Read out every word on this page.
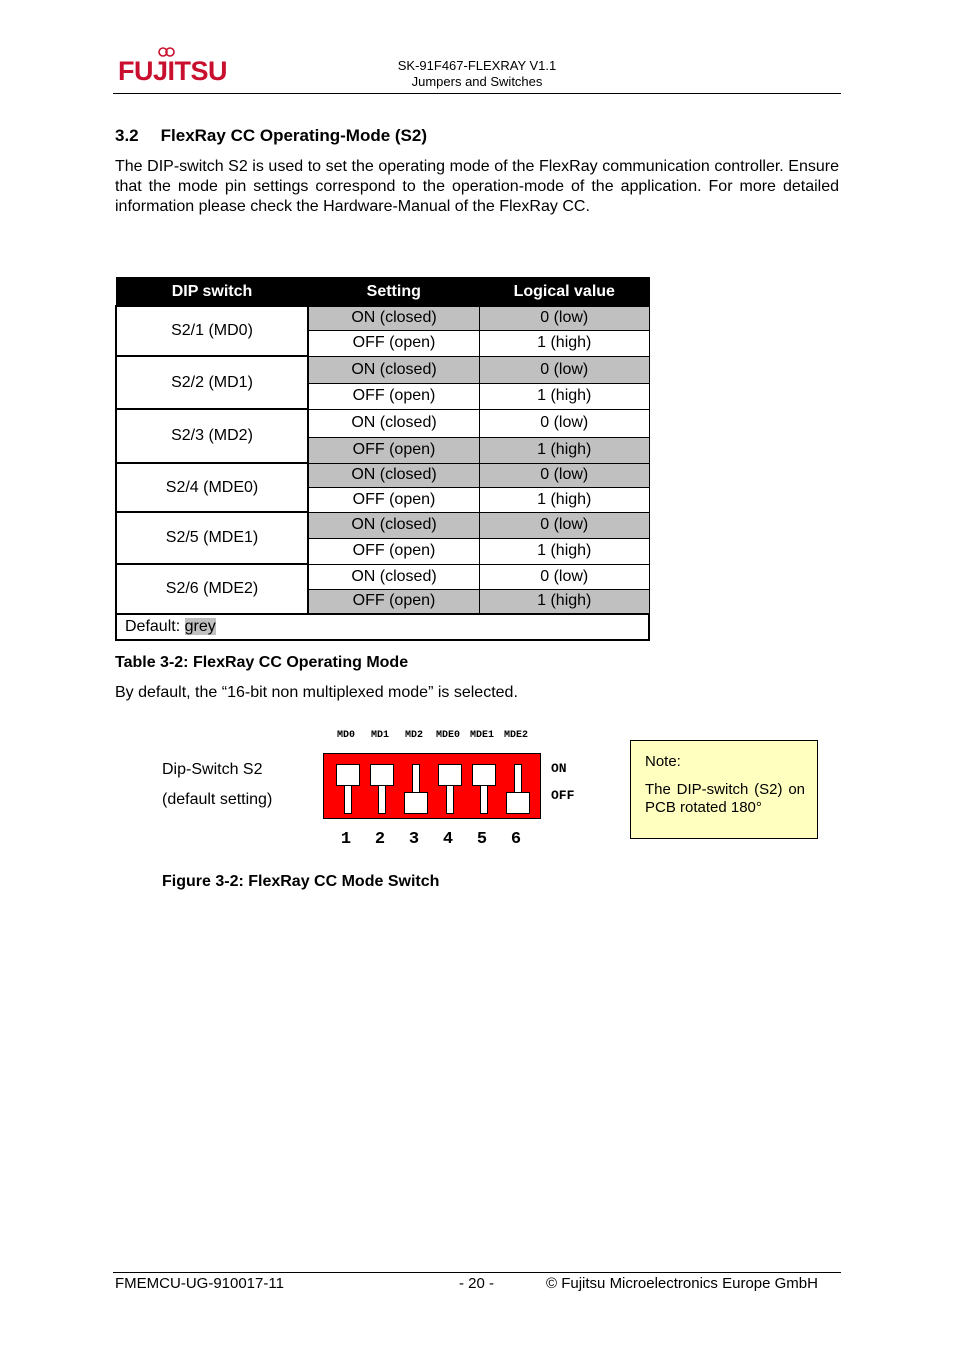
FUJITSU	SK-91F467-FLEXRAY V1.1
Jumpers and Switches
3.2 FlexRay CC Operating-Mode (S2)
The DIP-switch S2 is used to set the operating mode of the FlexRay communication controller. Ensure that the mode pin settings correspond to the operation-mode of the application. For more detailed information please check the Hardware-Manual of the FlexRay CC.
DIP switch	Setting	Logical value
S2/1 (MD0)	ON (closed)	0 (low)
	OFF (open)	1 (high)
S2/2 (MD1)	ON (closed)	0 (low)
	OFF (open)	1 (high)
S2/3 (MD2)	ON (closed)	0 (low)
	OFF (open)	1 (high)
S2/4 (MDE0)	ON (closed)	0 (low)
	OFF (open)	1 (high)
S2/5 (MDE1)	ON (closed)	0 (low)
	OFF (open)	1 (high)
S2/6 (MDE2)	ON (closed)	0 (low)
	OFF (open)	1 (high)
Default: grey		
Table 3-2: FlexRay CC Operating Mode
By default, the “16-bit non multiplexed mode” is selected.
Dip-Switch S2
(default setting)
MD0	MD1	MD2	MDE0 MDE1 MDE2
ON
OFF
1 2 3 4 5 6
Note:
The DIP-switch (S2) on PCB rotated 180°
Figure 3-2: FlexRay CC Mode Switch
FMEMCU-UG-910017-11	- 20 -	© Fujitsu Microelectronics Europe GmbH
